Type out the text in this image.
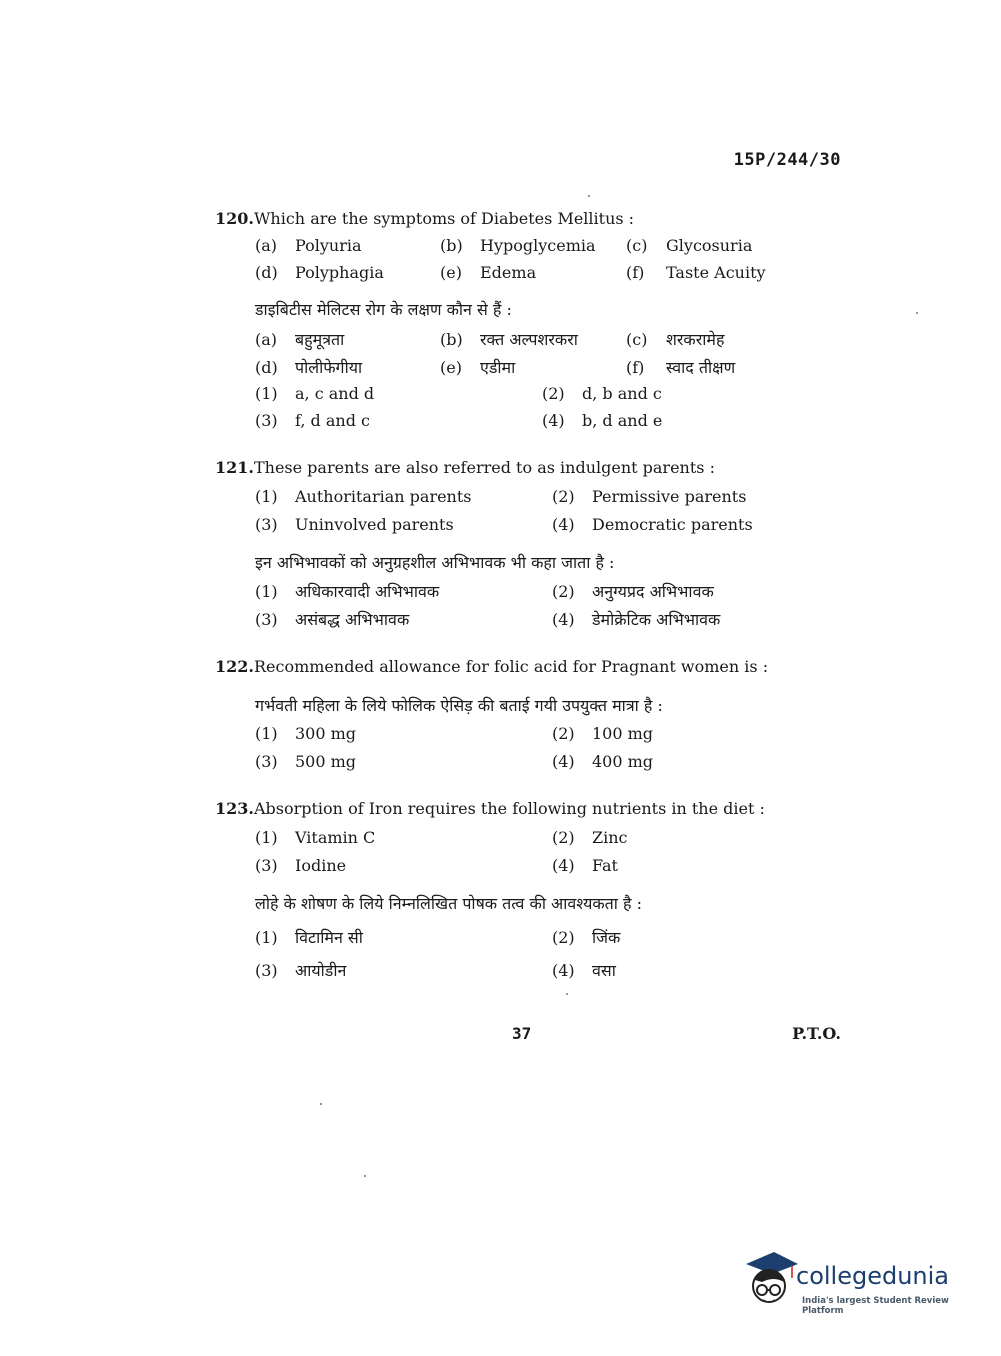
15P/244/30
120.Which are the symptoms of Diabetes Mellitus :
(a) Polyuria	(b) Hypoglycemia (c) Glycosuria
(d) Polyphagia	(e) Edema	(f) Taste Acuity
डाइबिटीस मेलिटस रोग के लक्षण कौन से हैं :
(a) बहुमूत्रता	(b) रक्त अल्पशरकरा	(c) शरकरामेह
(d) पोलीफेगीया	(e) एडीमा	(f) स्वाद तीक्षण
(1) a, c and d	(2) d, b and c
(3) f, d and c	(4) b, d and e
121.These parents are also referred to as indulgent parents :
(1) Authoritarian parents	(2) Permissive parents
(3) Uninvolved parents	(4) Democratic parents
इन अभिभावकों को अनुग्रहशील अभिभावक भी कहा जाता है :
(1) अधिकारवादी अभिभावक	(2) अनुग्यप्रद अभिभावक
(3) असंबद्ध अभिभावक	(4) डेमोक्रेटिक अभिभावक
122.Recommended allowance for folic acid for Pragnant women is :
गर्भवती महिला के लिये फोलिक ऐसिड़ की बताई गयी उपयुक्त मात्रा है :
(1) 300 mg	(2) 100 mg
(3) 500 mg	(4) 400 mg
123.Absorption of Iron requires the following nutrients in the diet :
(1) Vitamin C	(2) Zinc
(3) Iodine	(4) Fat
लोहे के शोषण के लिये निम्नलिखित पोषक तत्व की आवश्यकता है :
(1) विटामिन सी	(2) जिंक
(3) आयोडीन	(4) वसा
37	P.T.O.
collegedunia
India's largest Student Review Platform
